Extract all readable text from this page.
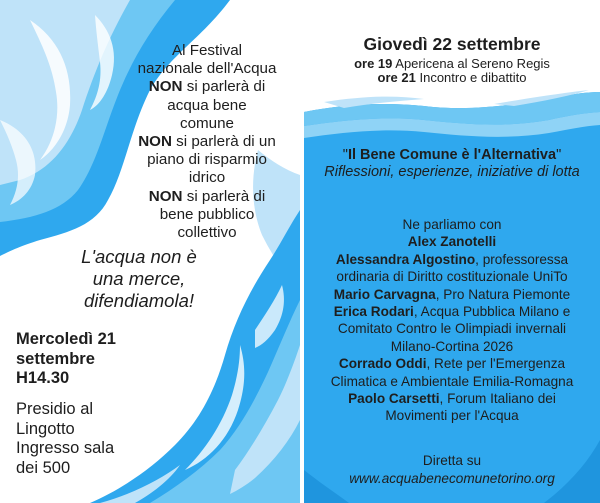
Al Festival
nazionale dell'Acqua
NON si parlerà di
acqua bene
comune
NON si parlerà di un
piano di risparmio
idrico
NON si parlerà di
bene pubblico
collettivo
L'acqua non è
una merce,
difendiamola!
Mercoledì 21
settembre
H14.30
Presidio al
Lingotto
Ingresso sala
dei 500
Giovedì 22 settembre
ore 19 Apericena al Sereno Regis
ore 21 Incontro e dibattito
"Il Bene Comune è l'Alternativa"
Riflessioni, esperienze, iniziative di lotta

Ne parliamo con

Alex Zanotelli

Alessandra Algostino, professoressa ordinaria di Diritto costituzionale UniTo

Mario Carvagna, Pro Natura Piemonte

Erica Rodari, Acqua Pubblica Milano e Comitato Contro le Olimpiadi invernali Milano-Cortina 2026

Corrado Oddi, Rete per l'Emergenza Climatica e Ambientale Emilia-Romagna

Paolo Carsetti, Forum Italiano dei Movimenti per l'Acqua

Diretta su
www.acquabenecomunetorino.org
